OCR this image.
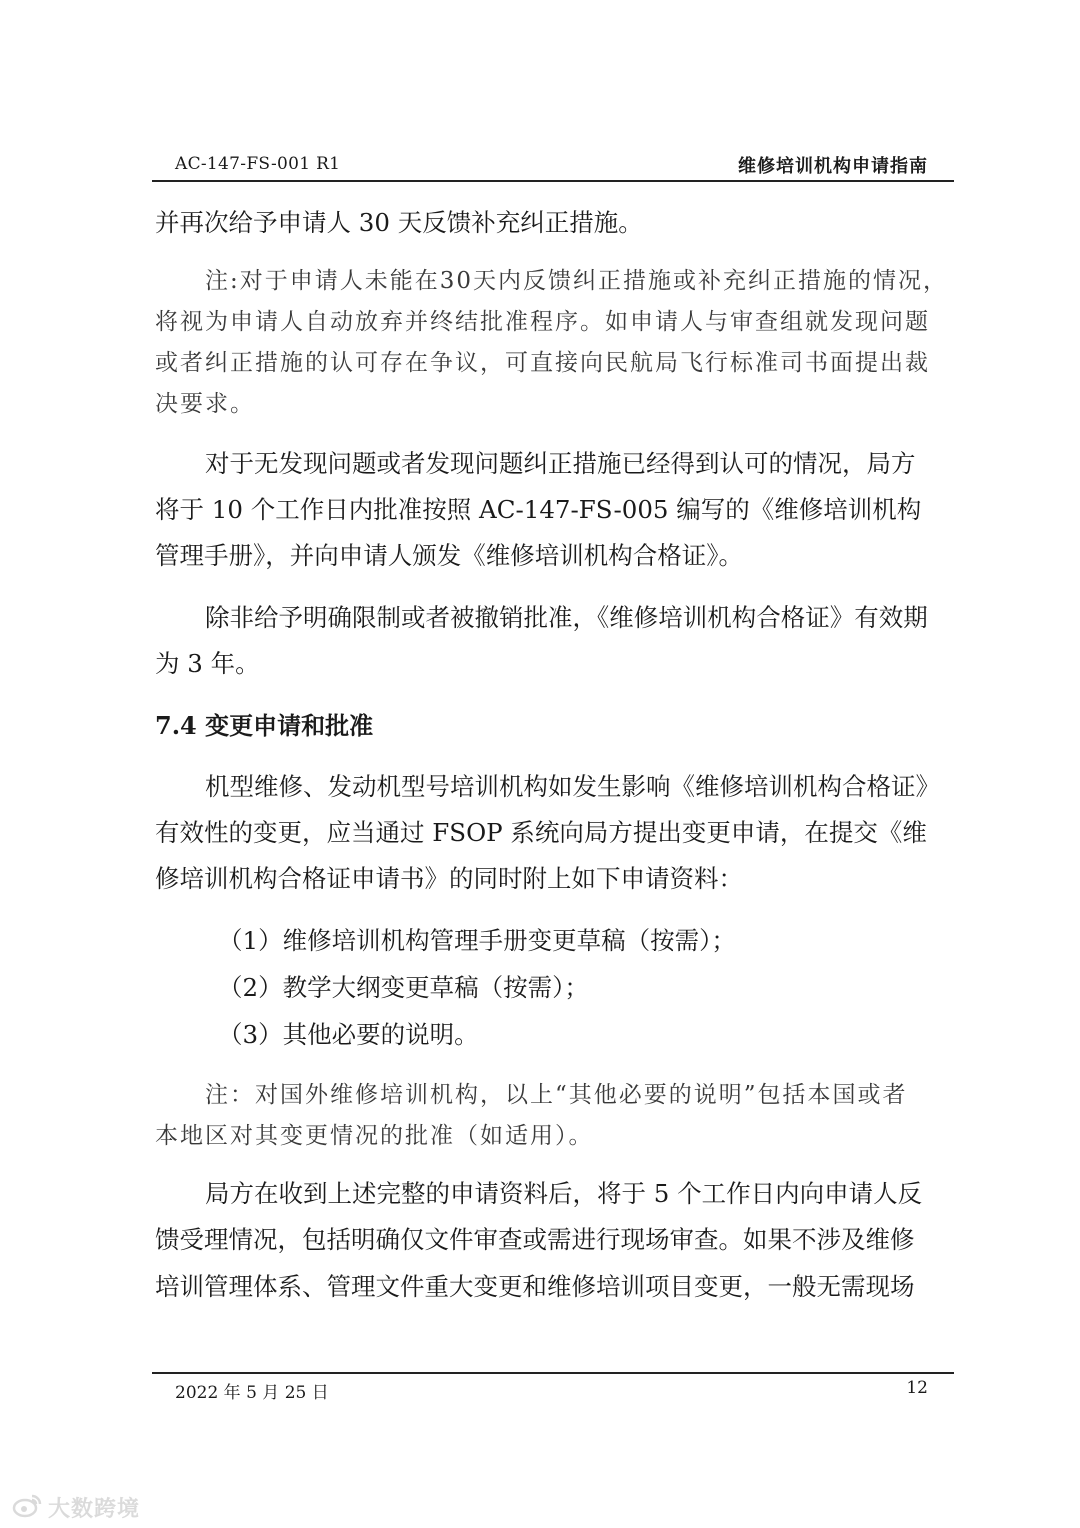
AC-147-FS-001 R1	维修培训机构申请指南
并再次给予申请人 30 天反馈补充纠正措施。
注:对于申请人未能在30天内反馈纠正措施或补充纠正措施的情况，
将视为申请人自动放弃并终结批准程序。如申请人与审查组就发现问题
或者纠正措施的认可存在争议，可直接向民航局飞行标准司书面提出裁
决要求。
对于无发现问题或者发现问题纠正措施已经得到认可的情况，局方
将于 10 个工作日内批准按照 AC-147-FS-005 编写的《维修培训机构
管理手册》，并向申请人颁发《维修培训机构合格证》。
除非给予明确限制或者被撤销批准，《维修培训机构合格证》有效期
为 3 年。
7.4 变更申请和批准
机型维修、发动机型号培训机构如发生影响《维修培训机构合格证》
有效性的变更，应当通过 FSOP 系统向局方提出变更申请，在提交《维
修培训机构合格证申请书》的同时附上如下申请资料：
（1）维修培训机构管理手册变更草稿（按需）；
（2）教学大纲变更草稿（按需）；
（3）其他必要的说明。
注：对国外维修培训机构，以上“其他必要的说明”包括本国或者
本地区对其变更情况的批准（如适用）。
局方在收到上述完整的申请资料后，将于 5 个工作日内向申请人反
馈受理情况，包括明确仅文件审查或需进行现场审查。如果不涉及维修
培训管理体系、管理文件重大变更和维修培训项目变更，一般无需现场
2022 年 5 月 25 日	12
大数跨境
